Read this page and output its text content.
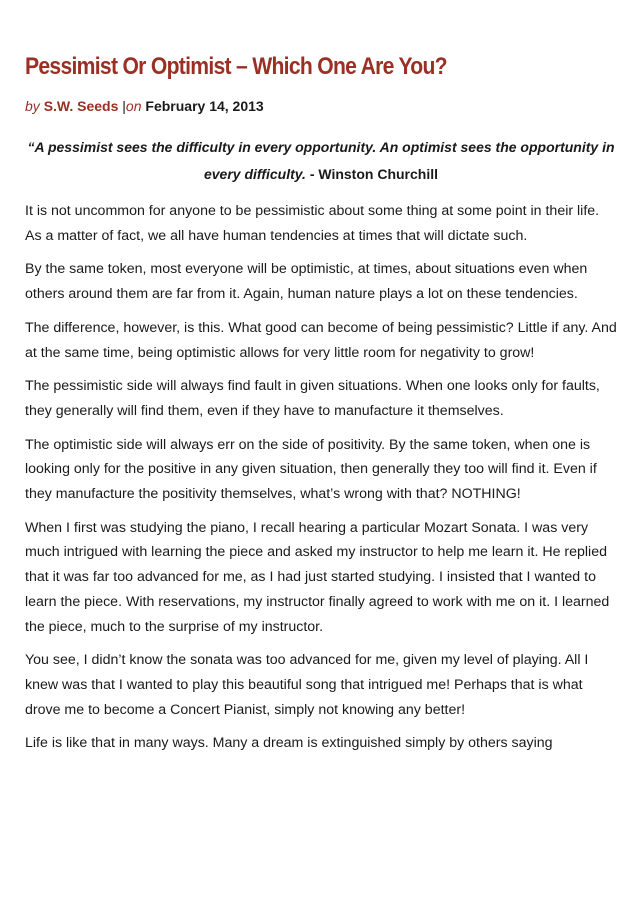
Pessimist Or Optimist – Which One Are You?
by S.W. Seeds |on February 14, 2013
“A pessimist sees the difficulty in every opportunity. An optimist sees the opportunity in every difficulty. - Winston Churchill

It is not uncommon for anyone to be pessimistic about some thing at some point in their life. As a matter of fact, we all have human tendencies at times that will dictate such.

By the same token, most everyone will be optimistic, at times, about situations even when others around them are far from it. Again, human nature plays a lot on these tendencies.

The difference, however, is this. What good can become of being pessimistic? Little if any. And at the same time, being optimistic allows for very little room for negativity to grow!

The pessimistic side will always find fault in given situations. When one looks only for faults, they generally will find them, even if they have to manufacture it themselves.

The optimistic side will always err on the side of positivity. By the same token, when one is looking only for the positive in any given situation, then generally they too will find it. Even if they manufacture the positivity themselves, what’s wrong with that? NOTHING!

When I first was studying the piano, I recall hearing a particular Mozart Sonata. I was very much intrigued with learning the piece and asked my instructor to help me learn it. He replied that it was far too advanced for me, as I had just started studying. I insisted that I wanted to learn the piece. With reservations, my instructor finally agreed to work with me on it. I learned the piece, much to the surprise of my instructor.

You see, I didn’t know the sonata was too advanced for me, given my level of playing. All I knew was that I wanted to play this beautiful song that intrigued me! Perhaps that is what drove me to become a Concert Pianist, simply not knowing any better!

Life is like that in many ways. Many a dream is extinguished simply by others saying
